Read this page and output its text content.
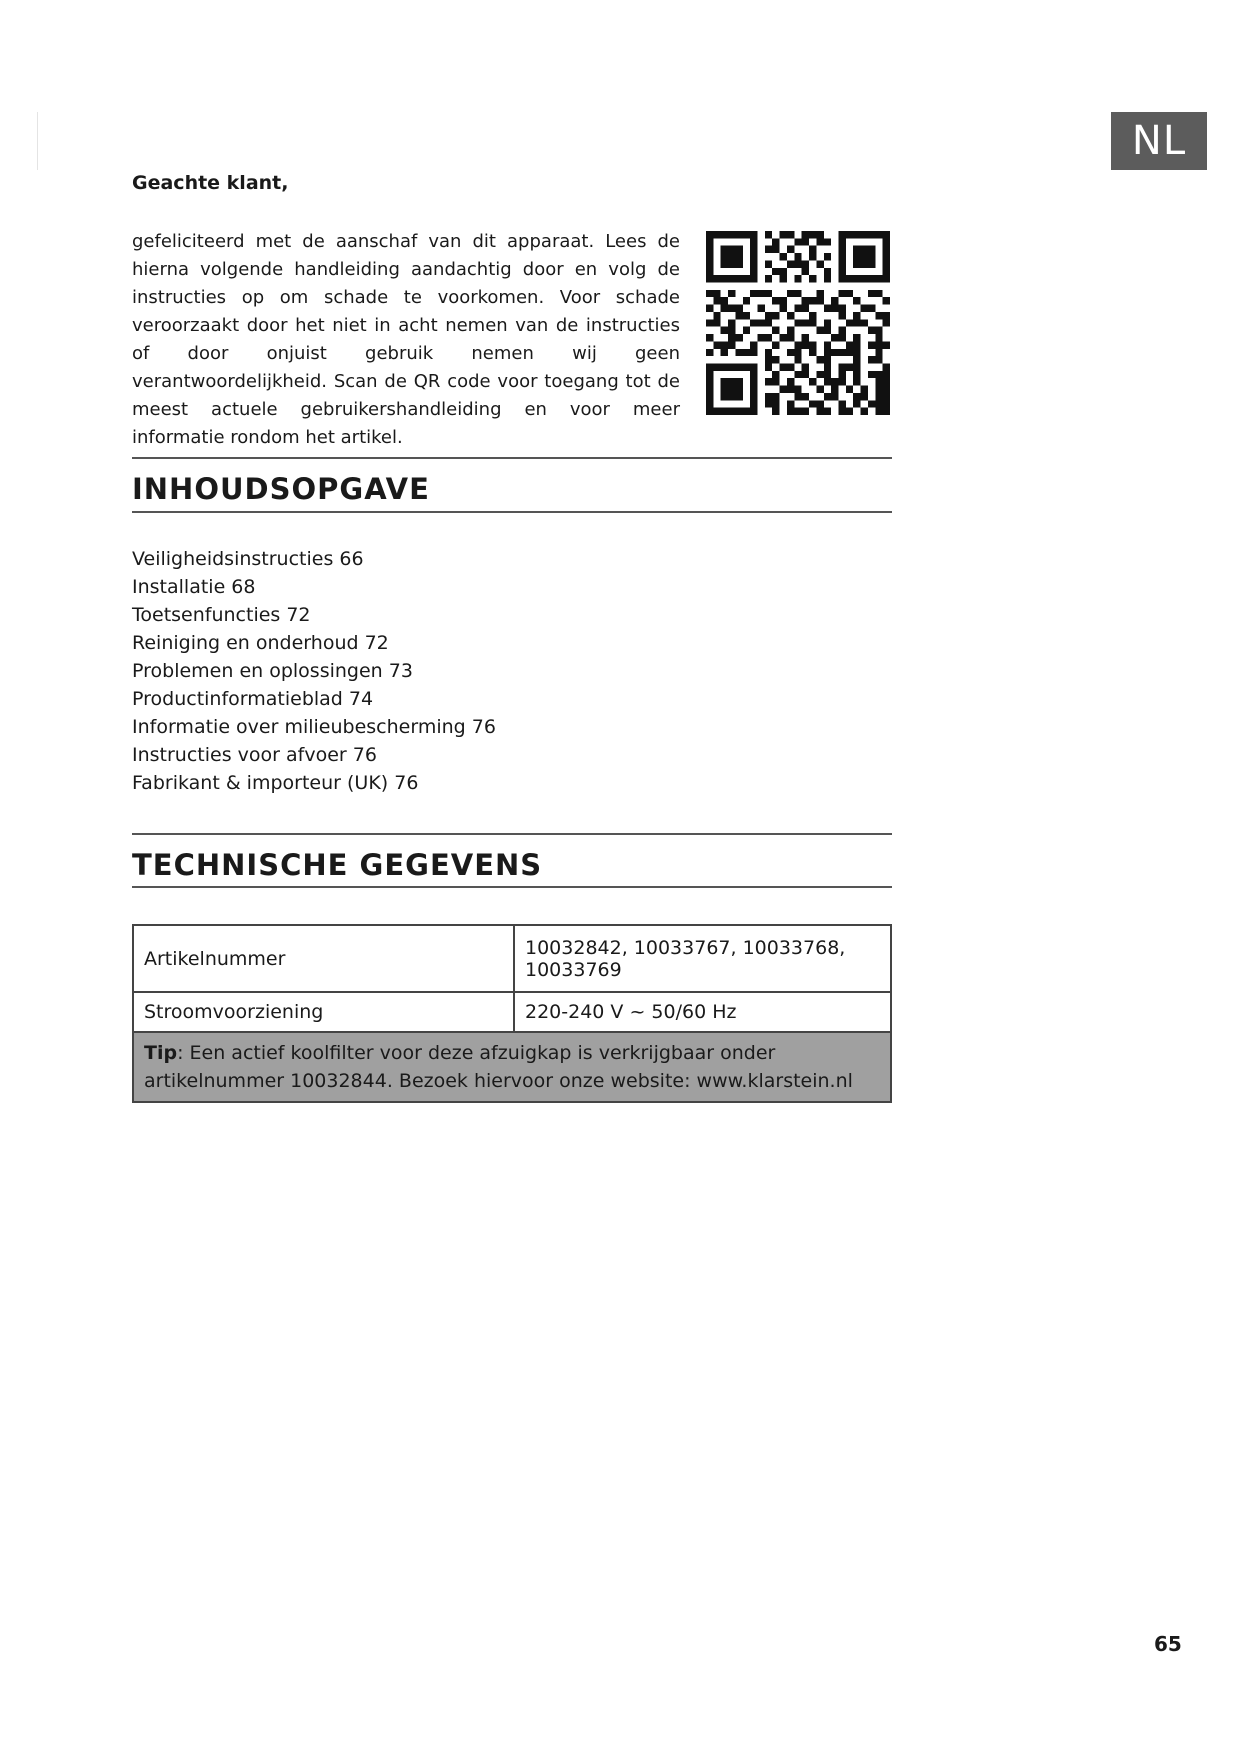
NL
Geachte klant,

gefeliciteerd met de aanschaf van dit apparaat. Lees de hierna volgende handleiding aandachtig door en volg de instructies op om schade te voorkomen. Voor schade veroorzaakt door het niet in acht nemen van de instructies of door onjuist gebruik nemen wij geen verantwoordelijkheid. Scan de QR code voor toegang tot de meest actuele gebruikershandleiding en voor meer informatie rondom het artikel.

INHOUDSOPGAVE
Veiligheidsinstructies 66
Installatie 68
Toetsenfuncties 72
Reiniging en onderhoud 72
Problemen en oplossingen 73
Productinformatieblad 74
Informatie over milieubescherming 76
Instructies voor afvoer 76
Fabrikant & importeur (UK) 76
TECHNISCHE GEGEVENS
Artikelnummer	10032842, 10033767, 10033768, 10033769
Stroomvoorziening	220-240 V ~ 50/60 Hz
Tip: Een actief koolfilter voor deze afzuigkap is verkrijgbaar onder artikelnummer 10032844. Bezoek hiervoor onze website: www.klarstein.nl	
65
